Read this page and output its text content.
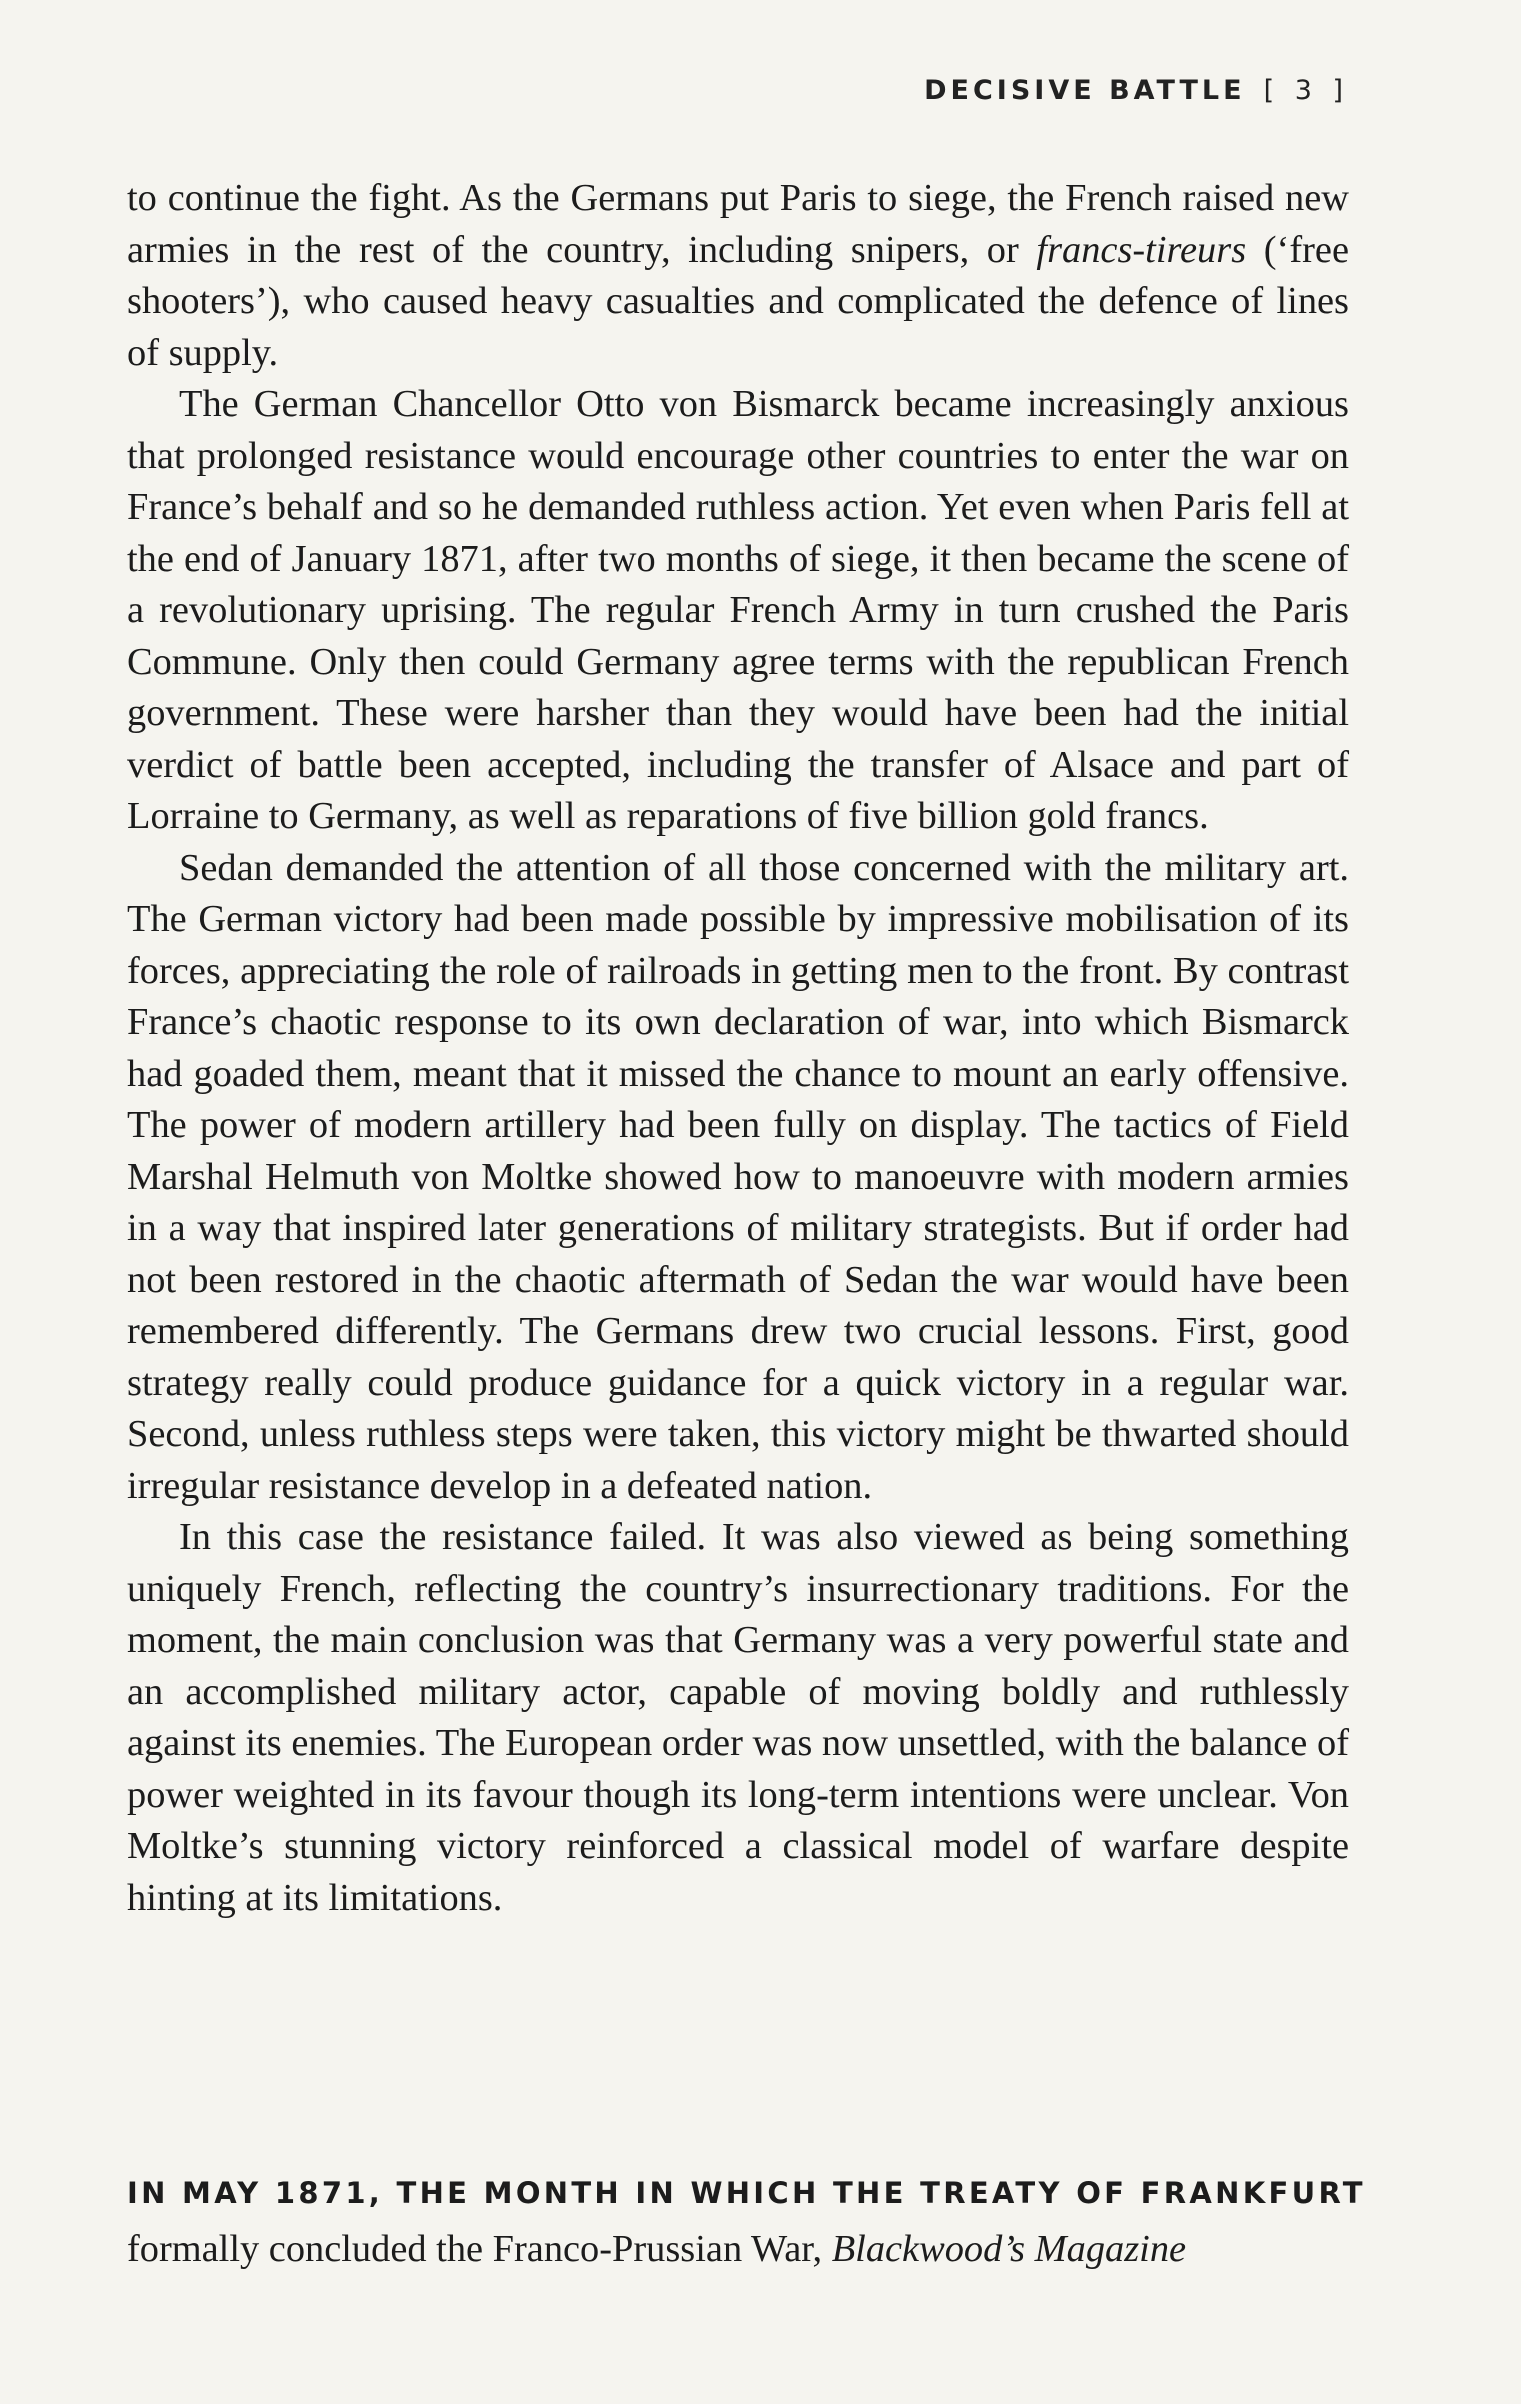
DECISIVE BATTLE [ 3 ]

to continue the fight. As the Germans put Paris to siege, the French raised new armies in the rest of the country, including snipers, or francs-tireurs (‘free shooters’), who caused heavy casualties and complicated the defence of lines of supply.

The German Chancellor Otto von Bismarck became increasingly anxious that prolonged resistance would encourage other countries to enter the war on France’s behalf and so he demanded ruthless action. Yet even when Paris fell at the end of January 1871, after two months of siege, it then became the scene of a revolutionary uprising. The regular French Army in turn crushed the Paris Commune. Only then could Germany agree terms with the republican French government. These were harsher than they would have been had the initial verdict of battle been accepted, including the transfer of Alsace and part of Lorraine to Germany, as well as reparations of five billion gold francs.

Sedan demanded the attention of all those concerned with the military art. The German victory had been made possible by impressive mobilisation of its forces, appreciating the role of railroads in getting men to the front. By contrast France’s chaotic response to its own declaration of war, into which Bismarck had goaded them, meant that it missed the chance to mount an early offensive. The power of modern artillery had been fully on display. The tactics of Field Marshal Helmuth von Moltke showed how to manoeuvre with modern armies in a way that inspired later generations of military strategists. But if order had not been restored in the chaotic aftermath of Sedan the war would have been remembered differently. The Germans drew two crucial lessons. First, good strategy really could produce guidance for a quick victory in a regular war. Second, unless ruthless steps were taken, this victory might be thwarted should irregular resistance develop in a defeated nation.

In this case the resistance failed. It was also viewed as being something uniquely French, reflecting the country’s insurrectionary traditions. For the moment, the main conclusion was that Germany was a very powerful state and an accomplished military actor, capable of moving boldly and ruthlessly against its enemies. The European order was now unsettled, with the balance of power weighted in its favour though its long-term intentions were unclear. Von Moltke’s stunning victory reinforced a classical model of warfare despite hinting at its limitations.

IN MAY 1871, THE MONTH IN WHICH THE TREATY OF FRANKFURT
formally concluded the Franco-Prussian War, Blackwood’s Magazine
